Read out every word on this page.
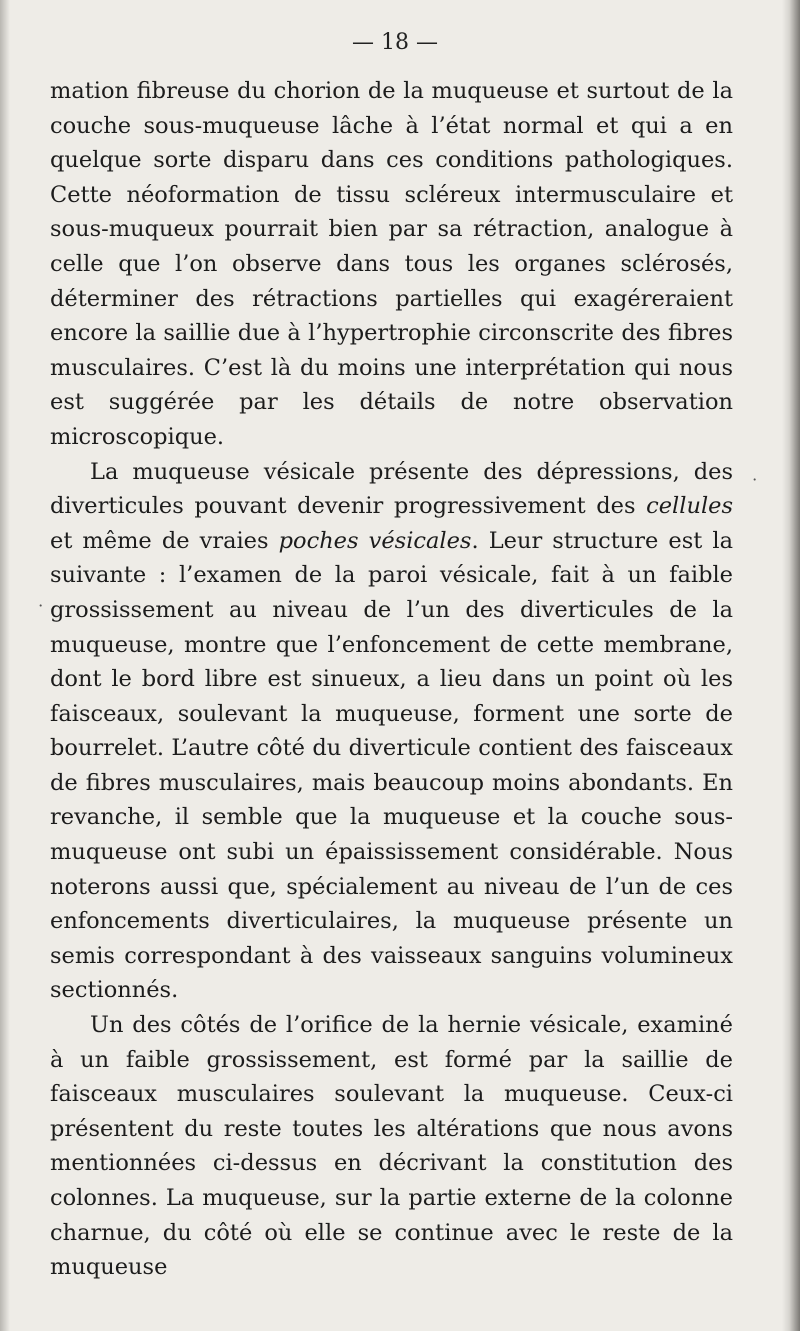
— 18 —

mation fibreuse du chorion de la muqueuse et surtout de la couche sous-muqueuse lâche à l’état normal et qui a en quelque sorte disparu dans ces conditions pathologiques. Cette néoformation de tissu scléreux intermusculaire et sous-muqueux pourrait bien par sa rétraction, analogue à celle que l’on observe dans tous les organes sclérosés, déterminer des rétractions partielles qui exagéreraient encore la saillie due à l’hypertrophie circonscrite des fibres musculaires. C’est là du moins une interprétation qui nous est suggérée par les détails de notre observation microscopique.

La muqueuse vésicale présente des dépressions, des diverticules pouvant devenir progressivement des cellules et même de vraies poches vésicales. Leur structure est la suivante : l’examen de la paroi vésicale, fait à un faible grossissement au niveau de l’un des diverticules de la muqueuse, montre que l’enfoncement de cette membrane, dont le bord libre est sinueux, a lieu dans un point où les faisceaux, soulevant la muqueuse, forment une sorte de bourrelet. L’autre côté du diverticule contient des faisceaux de fibres musculaires, mais beaucoup moins abondants. En revanche, il semble que la muqueuse et la couche sous-muqueuse ont subi un épaississement considérable. Nous noterons aussi que, spécialement au niveau de l’un de ces enfoncements diverticulaires, la muqueuse présente un semis correspondant à des vaisseaux sanguins volumineux sectionnés.

Un des côtés de l’orifice de la hernie vésicale, examiné à un faible grossissement, est formé par la saillie de faisceaux musculaires soulevant la muqueuse. Ceux-ci présentent du reste toutes les altérations que nous avons mentionnées ci-dessus en décrivant la constitution des colonnes. La muqueuse, sur la partie externe de la colonne charnue, du côté où elle se continue avec le reste de la muqueuse

⋅
⋅
